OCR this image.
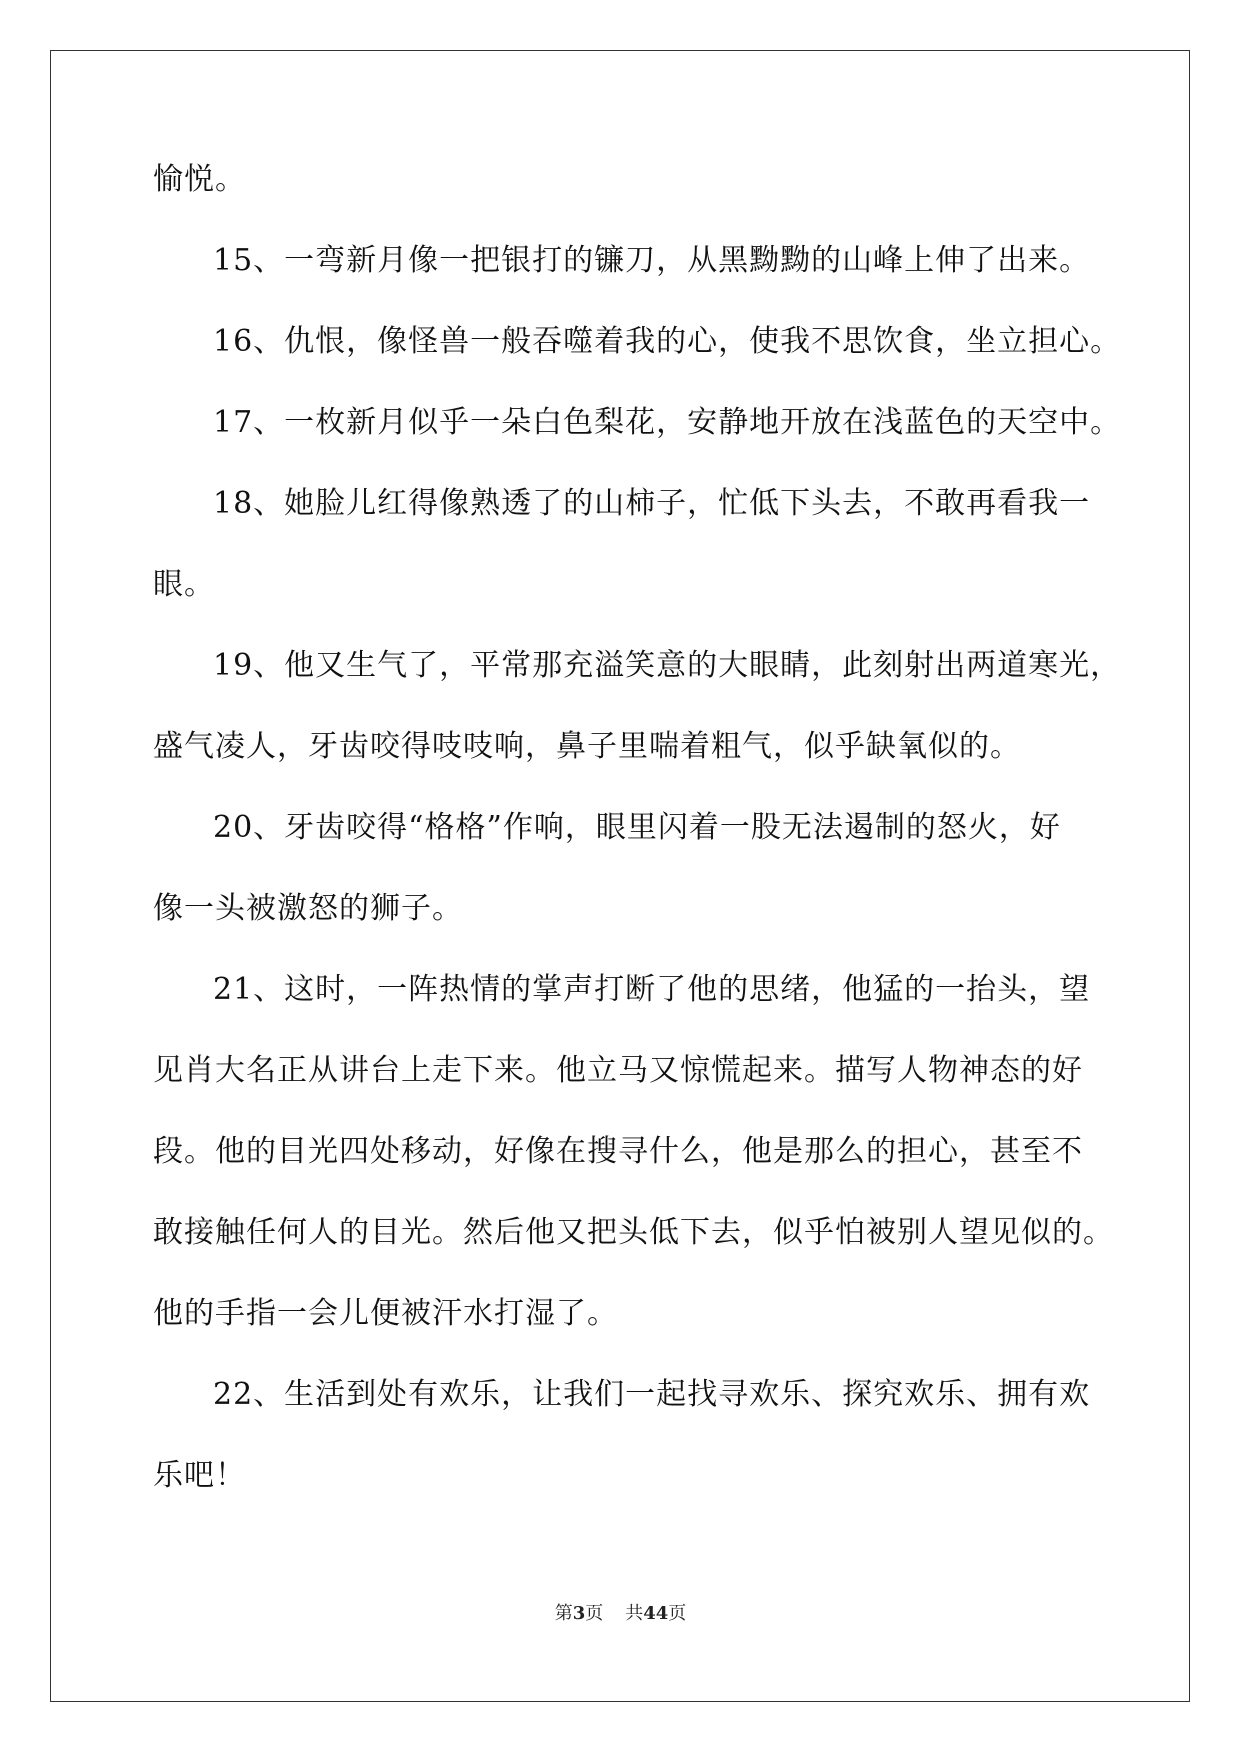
愉悦。
15、一弯新月像一把银打的镰刀，从黑黝黝的山峰上伸了出来。
16、仇恨，像怪兽一般吞噬着我的心，使我不思饮食，坐立担心。
17、一枚新月似乎一朵白色梨花，安静地开放在浅蓝色的天空中。
18、她脸儿红得像熟透了的山柿子，忙低下头去，不敢再看我一
眼。
19、他又生气了，平常那充溢笑意的大眼睛，此刻射出两道寒光，
盛气凌人，牙齿咬得吱吱响，鼻子里喘着粗气，似乎缺氧似的。
20、牙齿咬得“格格”作响，眼里闪着一股无法遏制的怒火，好
像一头被激怒的狮子。
21、这时，一阵热情的掌声打断了他的思绪，他猛的一抬头，望
见肖大名正从讲台上走下来。他立马又惊慌起来。描写人物神态的好
段。他的目光四处移动，好像在搜寻什么，他是那么的担心，甚至不
敢接触任何人的目光。然后他又把头低下去，似乎怕被别人望见似的。
他的手指一会儿便被汗水打湿了。
22、生活到处有欢乐，让我们一起找寻欢乐、探究欢乐、拥有欢
乐吧！
第3页 共44页
